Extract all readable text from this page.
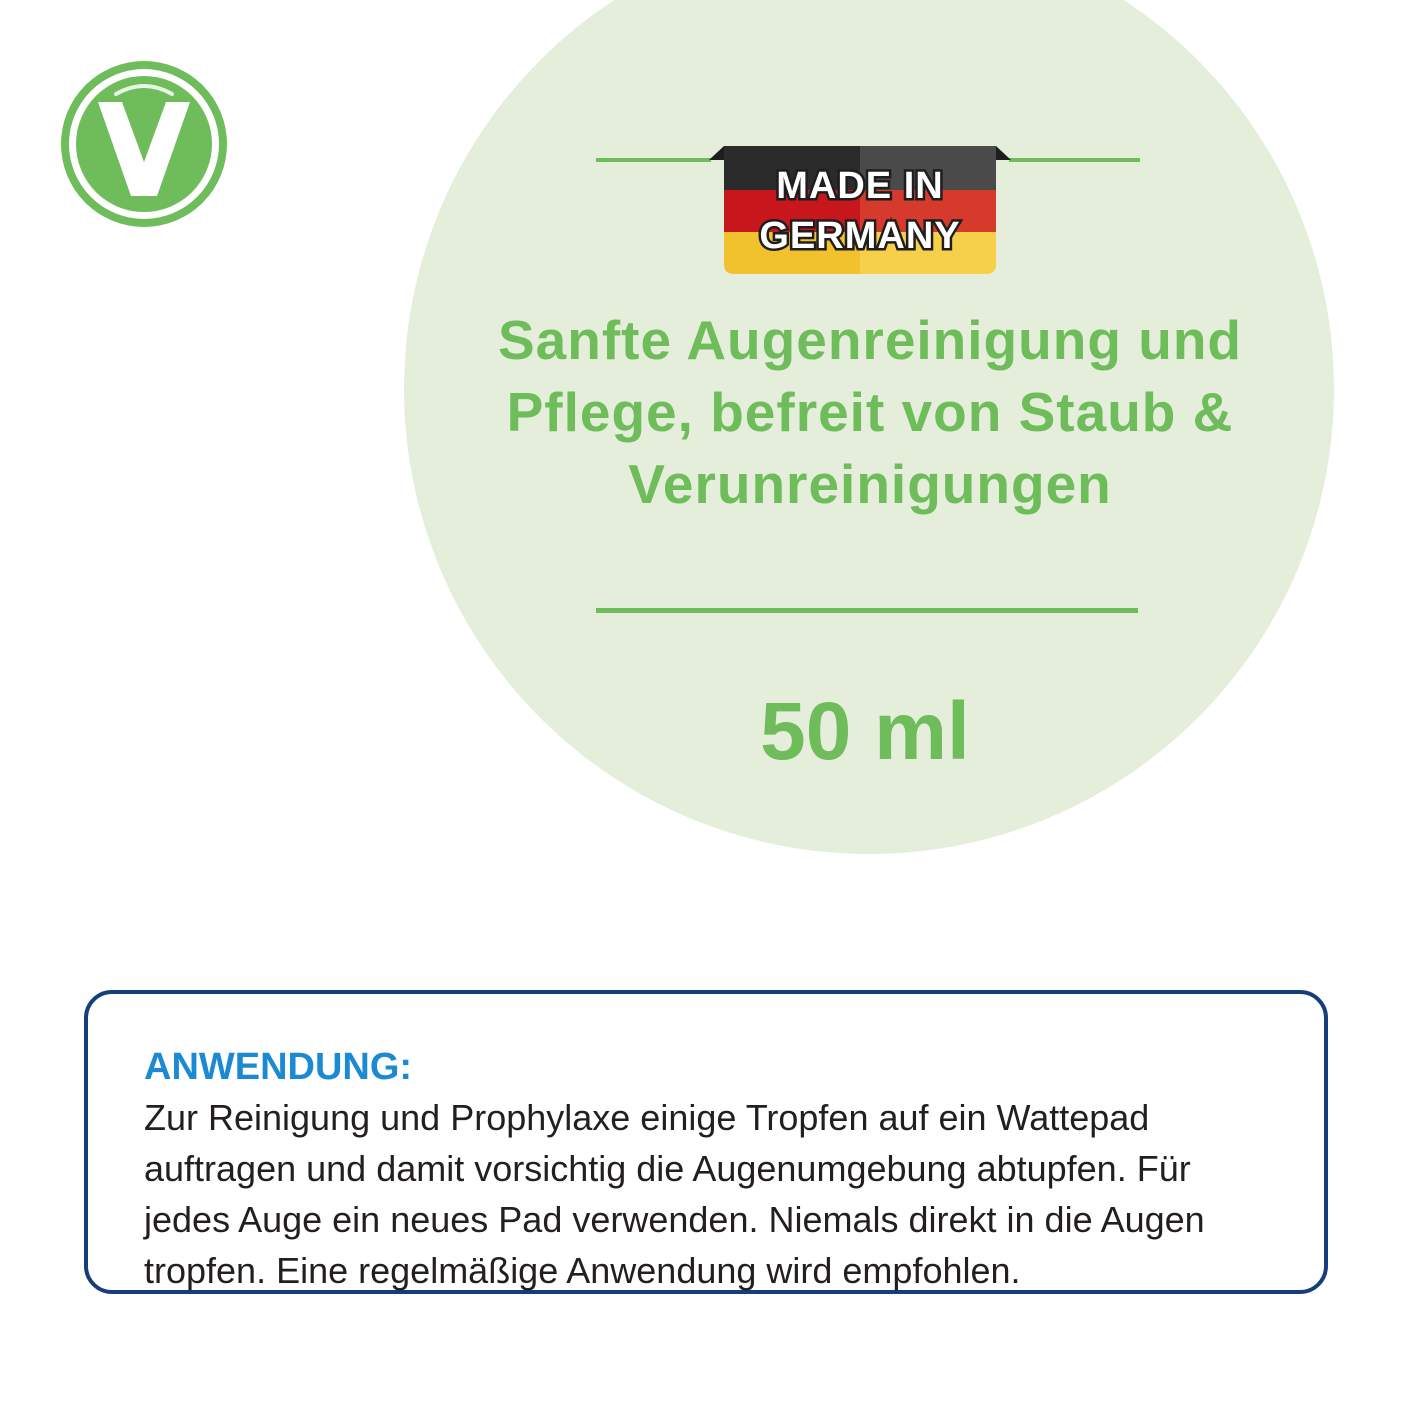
V
MADE IN
GERMANY
Sanfte Augenreinigung und
Pflege, befreit von Staub &
Verunreinigungen
50 ml
ANWENDUNG:

Zur Reinigung und Prophylaxe einige Tropfen auf ein Wattepad auftragen und damit vorsichtig die Augenumgebung abtupfen. Für jedes Auge ein neues Pad verwenden. Niemals direkt in die Augen tropfen. Eine regelmäßige Anwendung wird empfohlen.
